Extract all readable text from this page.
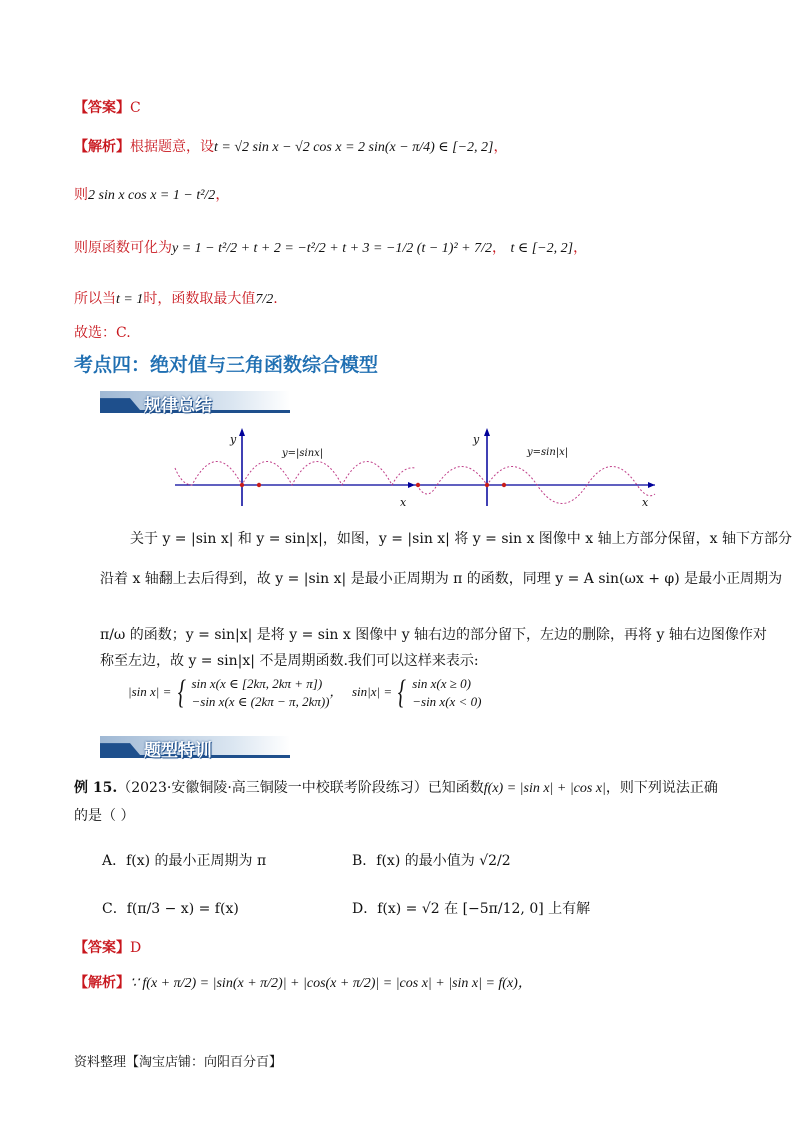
【答案】C
【解析】根据题意，设t = √2 sin x − √2 cos x = 2 sin(x − π/4) ∈ [−2, 2]，
则2 sin x cos x = 1 − t²/2，
则原函数可化为y = 1 − t²/2 + t + 2 = −t²/2 + t + 3 = −1/2 (t − 1)² + 7/2， t ∈ [−2, 2]，
所以当t = 1时，函数取最大值7/2.
故选：C.
考点四：绝对值与三角函数综合模型
规律总结
y
y=|sinx|
x
y
y=sin|x|
x
关于 y = |sin x| 和 y = sin|x|，如图，y = |sin x| 将 y = sin x 图像中 x 轴上方部分保留，x 轴下方部分
沿着 x 轴翻上去后得到，故 y = |sin x| 是最小正周期为 π 的函数，同理 y = A sin(ωx + φ) 是最小正周期为
π/ω 的函数；y = sin|x| 是将 y = sin x 图像中 y 轴右边的部分留下，左边的删除，再将 y 轴右边图像作对
称至左边，故 y = sin|x| 不是周期函数.我们可以这样来表示:
|sin x| = { sin x(x ∈ [2kπ, 2kπ + π])
−sin x(x ∈ (2kπ − π, 2kπ))
， sin|x| = { sin x(x ≥ 0)
−sin x(x < 0)
题型特训
例 15.（2023·安徽铜陵·高三铜陵一中校联考阶段练习）已知函数f(x) = |sin x| + |cos x|，则下列说法正确
的是（ ）
A．f(x) 的最小正周期为 π	B．f(x) 的最小值为 √2/2
C．f(π/3 − x) = f(x)	D．f(x) = √2 在 [−5π/12, 0] 上有解
【答案】D
【解析】∵ f(x + π/2) = |sin(x + π/2)| + |cos(x + π/2)| = |cos x| + |sin x| = f(x)，
资料整理【淘宝店铺：向阳百分百】
